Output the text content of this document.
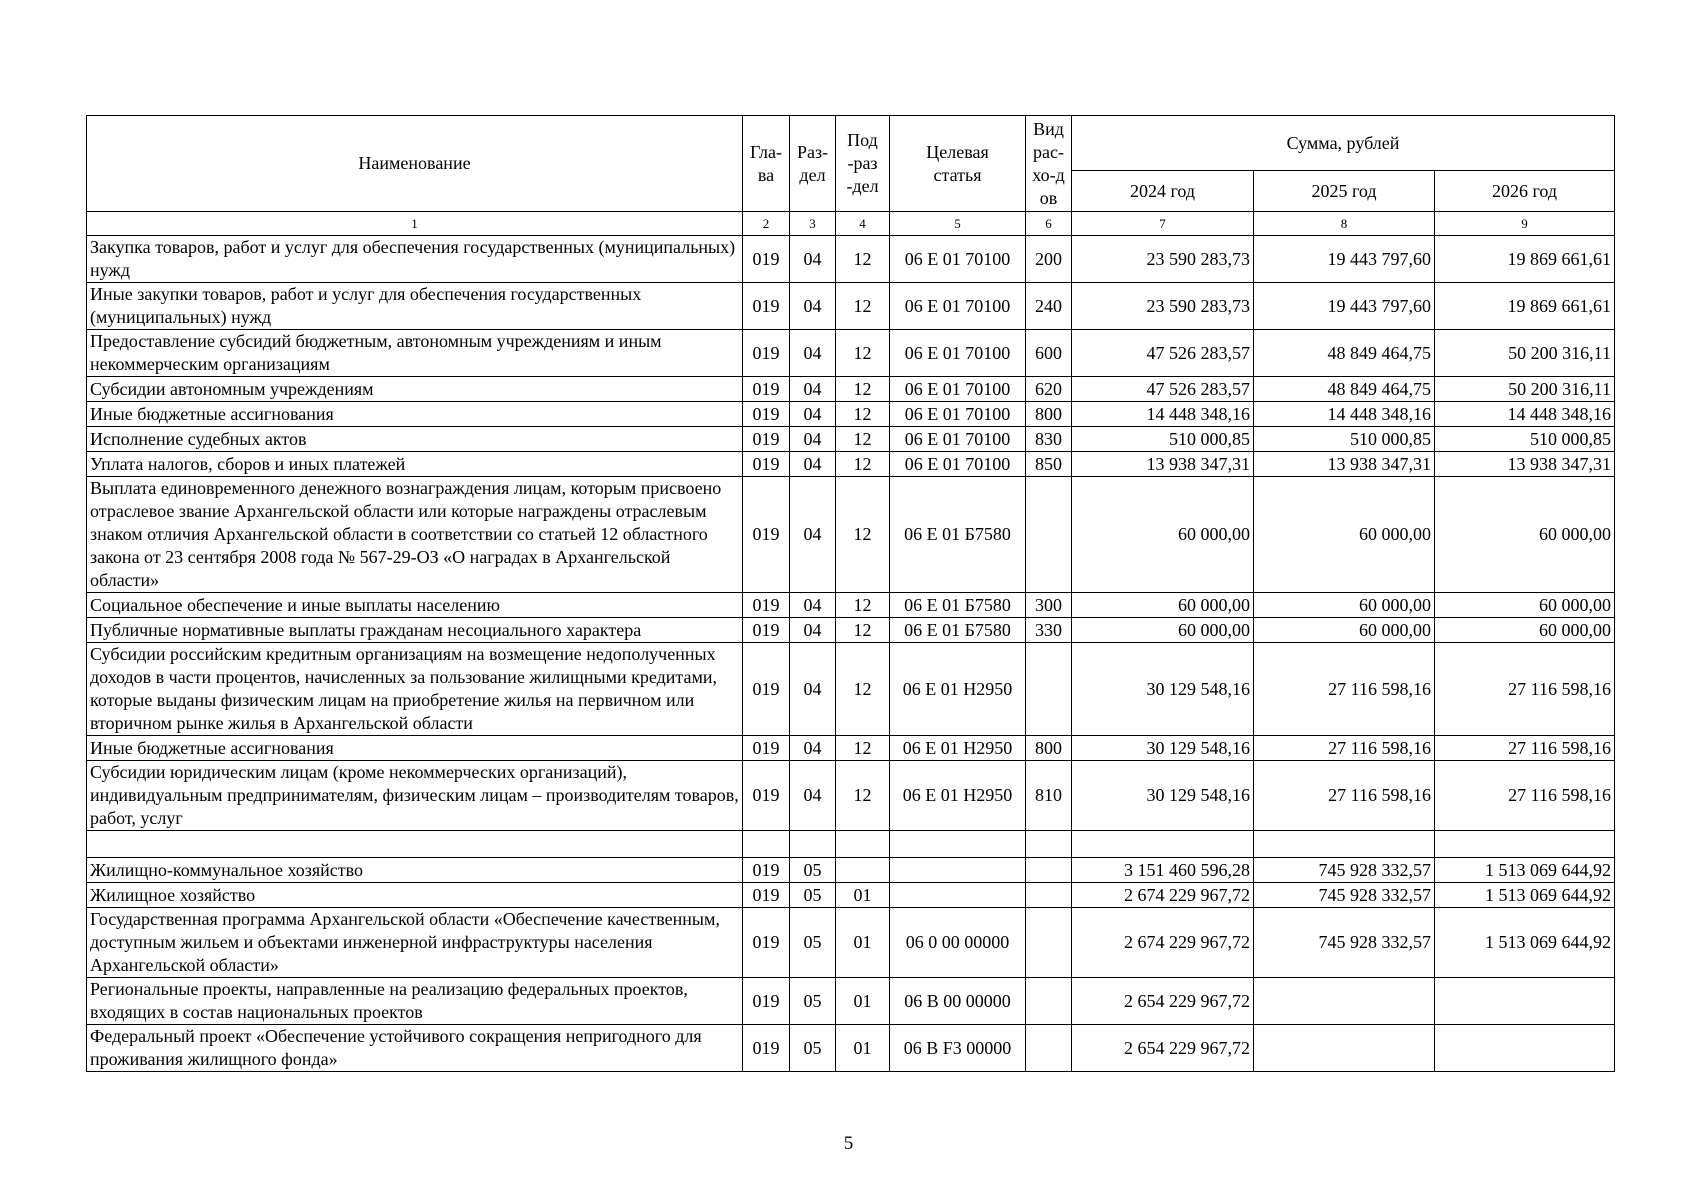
Наименование	Гла-ва	Раз-дел	Под-раз-дел	Целевая статья	Вид рас-хо-дов	Сумма, рублей		
						2024 год	2025 год	2026 год
1	2	3	4	5	6	7	8	9
Закупка товаров, работ и услуг для обеспечения государственных (муниципальных) нужд	019	04	12	06 Е 01 70100	200	23 590 283,73	19 443 797,60	19 869 661,61
Иные закупки товаров, работ и услуг для обеспечения государственных (муниципальных) нужд	019	04	12	06 Е 01 70100	240	23 590 283,73	19 443 797,60	19 869 661,61
Предоставление субсидий бюджетным, автономным учреждениям и иным некоммерческим организациям	019	04	12	06 Е 01 70100	600	47 526 283,57	48 849 464,75	50 200 316,11
Субсидии автономным учреждениям	019	04	12	06 Е 01 70100	620	47 526 283,57	48 849 464,75	50 200 316,11
Иные бюджетные ассигнования	019	04	12	06 Е 01 70100	800	14 448 348,16	14 448 348,16	14 448 348,16
Исполнение судебных актов	019	04	12	06 Е 01 70100	830	510 000,85	510 000,85	510 000,85
Уплата налогов, сборов и иных платежей	019	04	12	06 Е 01 70100	850	13 938 347,31	13 938 347,31	13 938 347,31
Выплата единовременного денежного вознаграждения лицам, которым присвоено отраслевое звание Архангельской области или которые награждены отраслевым знаком отличия Архангельской области в соответствии со статьей 12 областного закона от 23 сентября 2008 года № 567-29-ОЗ «О наградах в Архангельской области»	019	04	12	06 Е 01 Б7580		60 000,00	60 000,00	60 000,00
Социальное обеспечение и иные выплаты населению	019	04	12	06 Е 01 Б7580	300	60 000,00	60 000,00	60 000,00
Публичные нормативные выплаты гражданам несоциального характера	019	04	12	06 Е 01 Б7580	330	60 000,00	60 000,00	60 000,00
Субсидии российским кредитным организациям на возмещение недополученных доходов в части процентов, начисленных за пользование жилищными кредитами, которые выданы физическим лицам на приобретение жилья на первичном или вторичном рынке жилья в Архангельской области	019	04	12	06 Е 01 Н2950		30 129 548,16	27 116 598,16	27 116 598,16
Иные бюджетные ассигнования	019	04	12	06 Е 01 Н2950	800	30 129 548,16	27 116 598,16	27 116 598,16
Субсидии юридическим лицам (кроме некоммерческих организаций), индивидуальным предпринимателям, физическим лицам – производителям товаров, работ, услуг	019	04	12	06 Е 01 Н2950	810	30 129 548,16	27 116 598,16	27 116 598,16

Жилищно-коммунальное хозяйство	019	05				3 151 460 596,28	745 928 332,57	1 513 069 644,92
Жилищное хозяйство	019	05	01			2 674 229 967,72	745 928 332,57	1 513 069 644,92
Государственная программа Архангельской области «Обеспечение качественным, доступным жильем и объектами инженерной инфраструктуры населения Архангельской области»	019	05	01	06 0 00 00000		2 674 229 967,72	745 928 332,57	1 513 069 644,92
Региональные проекты, направленные на реализацию федеральных проектов, входящих в состав национальных проектов	019	05	01	06 В 00 00000		2 654 229 967,72		
Федеральный проект «Обеспечение устойчивого сокращения непригодного для проживания жилищного фонда»	019	05	01	06 В F3 00000		2 654 229 967,72		
5
